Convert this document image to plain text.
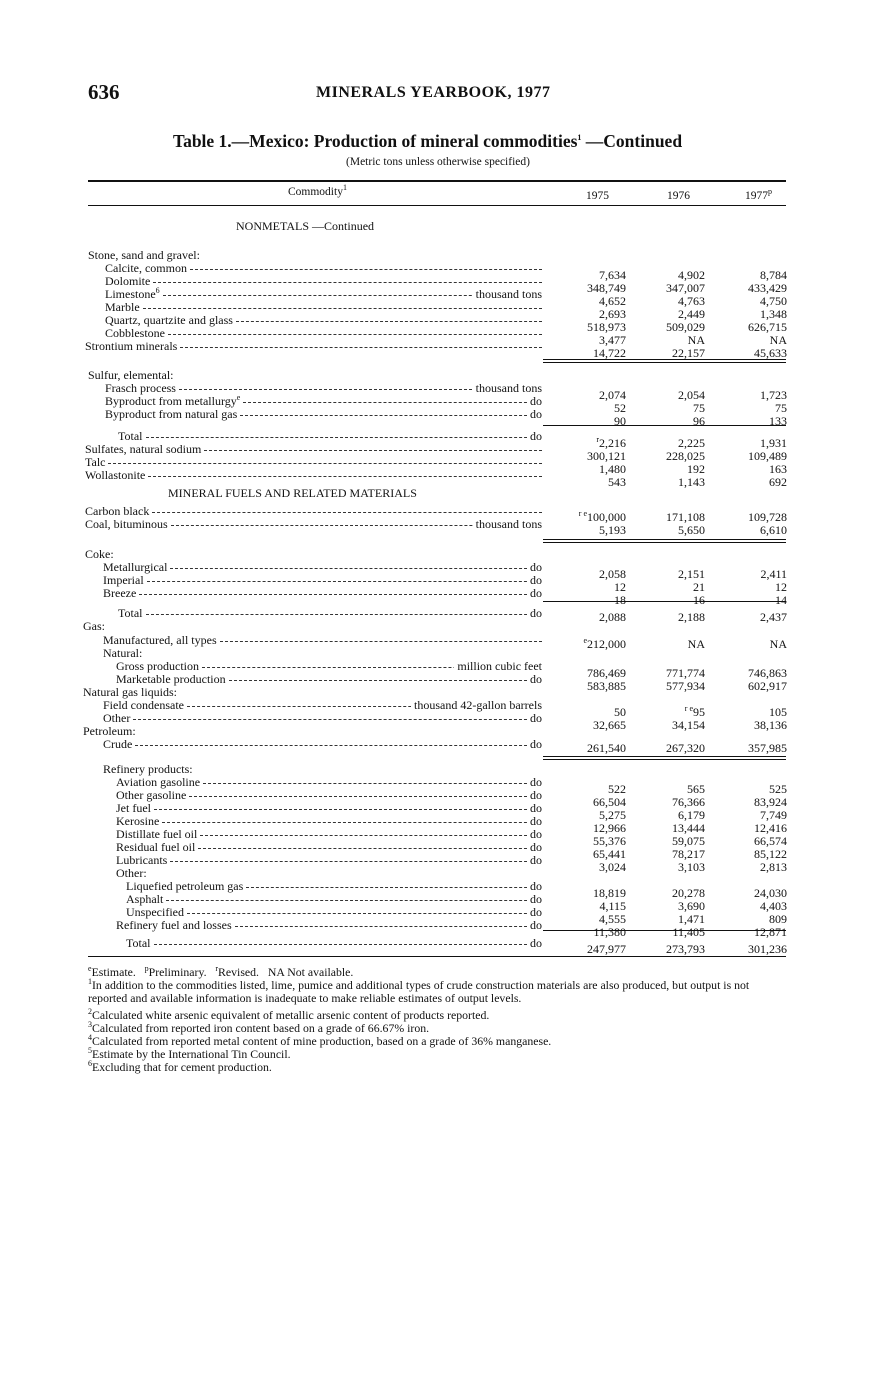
636	MINERALS YEARBOOK, 1977
Table 1.—Mexico: Production of mineral commodities$^1$ —Continued
(Metric tons unless otherwise specified)
Commodity$^1$
1975	1976	1977$^p$
NONMETALS —Continued
MINERAL FUELS AND RELATED MATERIALS
Stone, sand and gravel:
Calcite, common	7,634	4,902	8,784
Dolomite	348,749	347,007	433,429
Limestone$^6$	thousand tons	4,652	4,763	4,750
Marble	2,693	2,449	1,348
Quartz, quartzite and glass	518,973	509,029	626,715
Cobblestone	3,477	NA	NA
Strontium minerals	14,722	22,157	45,633
Sulfur, elemental:
Frasch process	thousand tons	2,074	2,054	1,723
Byproduct from metallurgy$^e$	do	52	75	75
Byproduct from natural gas	do	90	96	133
Total	do	$^r$2,216	2,225	1,931
Sulfates, natural sodium	300,121	228,025	109,489
Talc	1,480	192	163
Wollastonite	543	1,143	692
Carbon black	$^{r e}$100,000	171,108	109,728
Coal, bituminous	thousand tons	5,193	5,650	6,610
Coke:
Metallurgical	do	2,058	2,151	2,411
Imperial	do	12	21	12
Breeze	do	18	16	14
Total	do	2,088	2,188	2,437
Gas:
Manufactured, all types	$^e$212,000	NA	NA
Natural:
Gross production	million cubic feet	786,469	771,774	746,863
Marketable production	do	583,885	577,934	602,917
Natural gas liquids:
Field condensate	thousand 42-gallon barrels	50	$^{r e}$95	105
Other	do	32,665	34,154	38,136
Petroleum:
Crude	do	261,540	267,320	357,985
Refinery products:
Aviation gasoline	do	522	565	525
Other gasoline	do	66,504	76,366	83,924
Jet fuel	do	5,275	6,179	7,749
Kerosine	do	12,966	13,444	12,416
Distillate fuel oil	do	55,376	59,075	66,574
Residual fuel oil	do	65,441	78,217	85,122
Lubricants	do	3,024	3,103	2,813
Other:
Liquefied petroleum gas	do	18,819	20,278	24,030
Asphalt	do	4,115	3,690	4,403
Unspecified	do	4,555	1,471	809
Refinery fuel and losses	do	11,380	11,405	12,871
Total	do	247,977	273,793	301,236
$^e$Estimate.   $^p$Preliminary.   $^r$Revised.   NA Not available.
$^1$In addition to the commodities listed, lime, pumice and additional types of crude construction materials are also produced, but output is not reported and available information is inadequate to make reliable estimates of output levels.
$^2$Calculated white arsenic equivalent of metallic arsenic content of products reported.
$^3$Calculated from reported iron content based on a grade of 66.67% iron.
$^4$Calculated from reported metal content of mine production, based on a grade of 36% manganese.
$^5$Estimate by the International Tin Council.
$^6$Excluding that for cement production.
